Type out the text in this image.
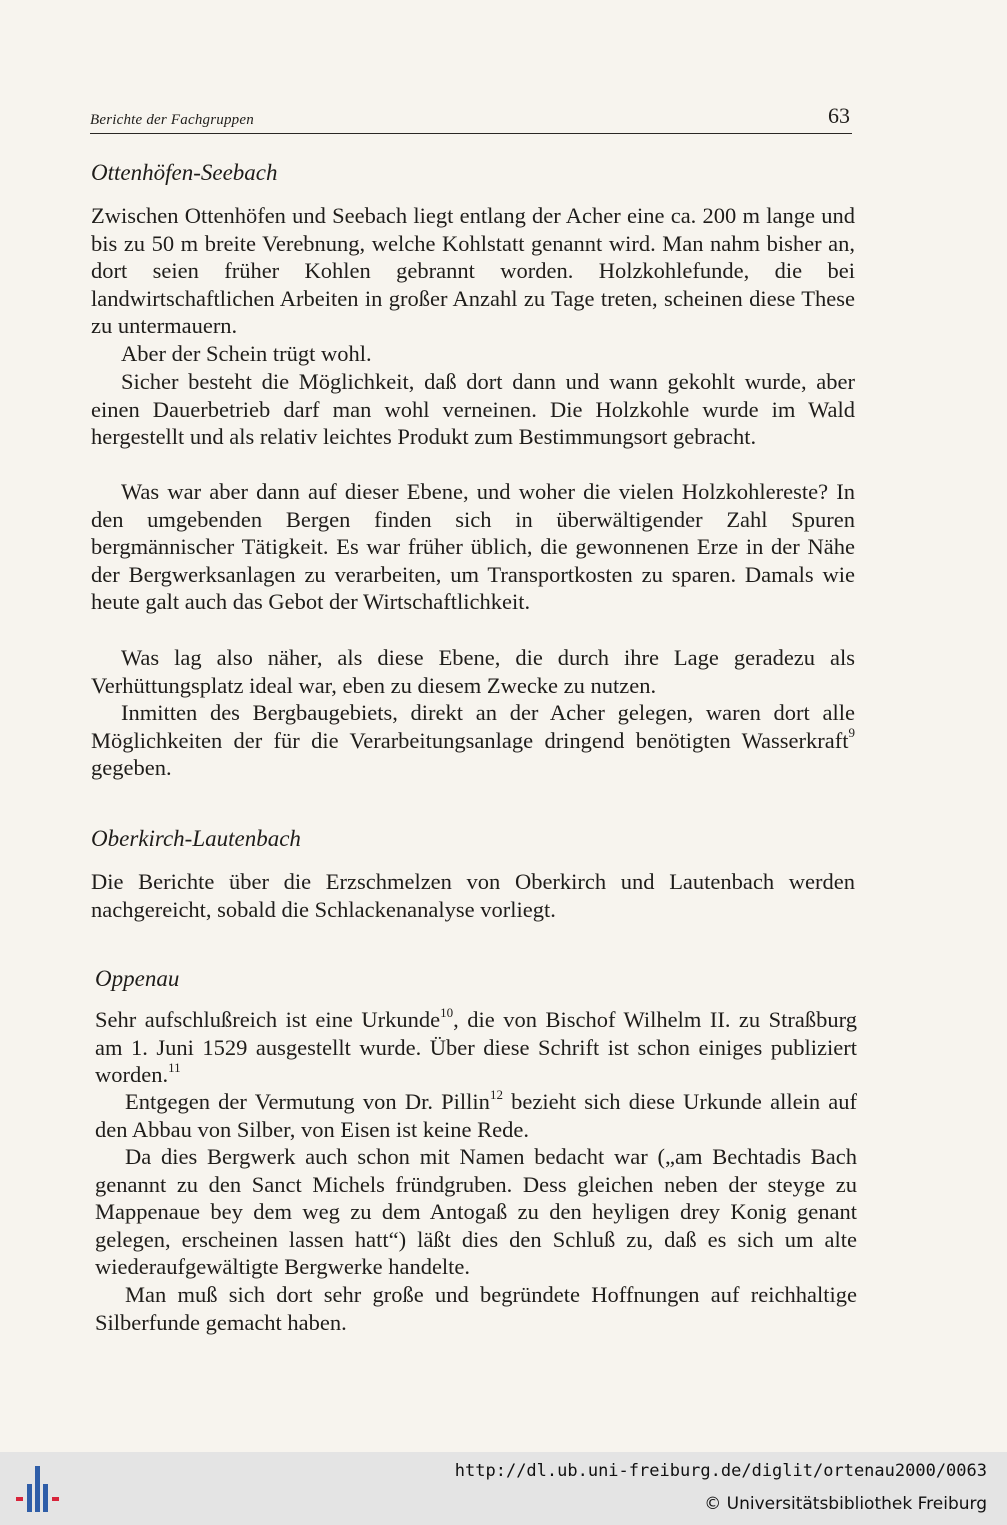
Berichte der Fachgruppen	63
Ottenhöfen-Seebach

Zwischen Ottenhöfen und Seebach liegt entlang der Acher eine ca. 200 m lange und bis zu 50 m breite Verebnung, welche Kohlstatt genannt wird. Man nahm bisher an, dort seien früher Kohlen gebrannt worden. Holzkohlefunde, die bei landwirtschaftlichen Arbeiten in großer Anzahl zu Tage treten, scheinen diese These zu untermauern.

Aber der Schein trügt wohl.

Sicher besteht die Möglichkeit, daß dort dann und wann gekohlt wurde, aber einen Dauerbetrieb darf man wohl verneinen. Die Holzkohle wurde im Wald hergestellt und als relativ leichtes Produkt zum Bestimmungsort gebracht.

Was war aber dann auf dieser Ebene, und woher die vielen Holzkohlereste? In den umgebenden Bergen finden sich in überwältigender Zahl Spuren bergmännischer Tätigkeit. Es war früher üblich, die gewonnenen Erze in der Nähe der Bergwerksanlagen zu verarbeiten, um Transportkosten zu sparen. Damals wie heute galt auch das Gebot der Wirtschaftlichkeit.

Was lag also näher, als diese Ebene, die durch ihre Lage geradezu als Verhüttungsplatz ideal war, eben zu diesem Zwecke zu nutzen.

Inmitten des Bergbaugebiets, direkt an der Acher gelegen, waren dort alle Möglichkeiten der für die Verarbeitungsanlage dringend benötigten Wasserkraft$^9$ gegeben.

Oberkirch-Lautenbach

Die Berichte über die Erzschmelzen von Oberkirch und Lautenbach werden nachgereicht, sobald die Schlackenanalyse vorliegt.

Oppenau

Sehr aufschlußreich ist eine Urkunde$^{10}$, die von Bischof Wilhelm II. zu Straßburg am 1. Juni 1529 ausgestellt wurde. Über diese Schrift ist schon einiges publiziert worden.$^{11}$

Entgegen der Vermutung von Dr. Pillin$^{12}$ bezieht sich diese Urkunde allein auf den Abbau von Silber, von Eisen ist keine Rede.

Da dies Bergwerk auch schon mit Namen bedacht war („am Bechtadis Bach genannt zu den Sanct Michels fründgruben. Dess gleichen neben der steyge zu Mappenaue bey dem weg zu dem Antogaß zu den heyligen drey Konig genant gelegen, erscheinen lassen hatt“) läßt dies den Schluß zu, daß es sich um alte wiederaufgewältigte Bergwerke handelte.

Man muß sich dort sehr große und begründete Hoffnungen auf reichhaltige Silberfunde gemacht haben.

http://dl.ub.uni-freiburg.de/diglit/ortenau2000/0063
© Universitätsbibliothek Freiburg
